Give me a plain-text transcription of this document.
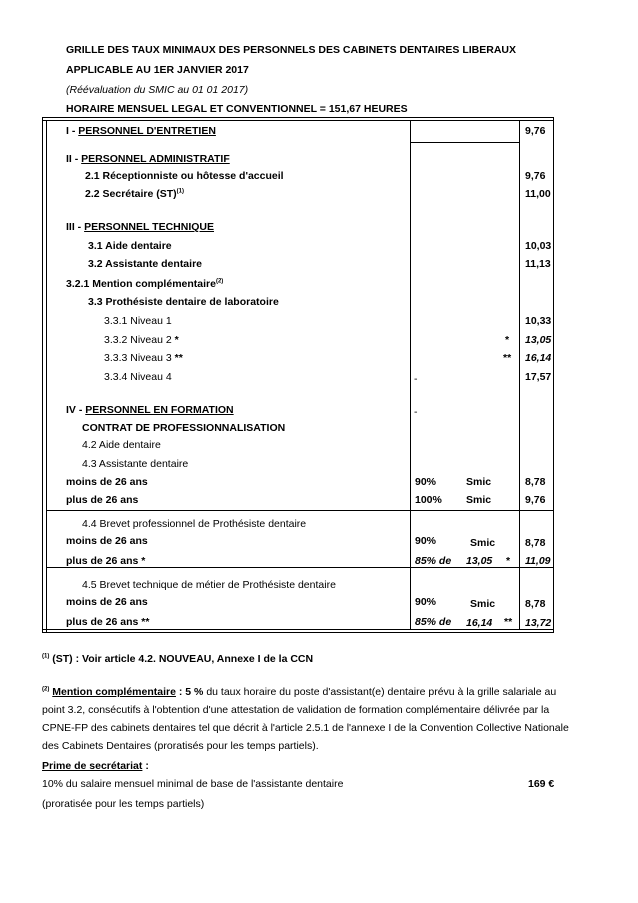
GRILLE DES TAUX MINIMAUX DES PERSONNELS DES CABINETS DENTAIRES LIBERAUX
APPLICABLE AU 1ER JANVIER 2017
(Réévaluation du SMIC au 01 01 2017)
HORAIRE MENSUEL LEGAL ET CONVENTIONNEL = 151,67 HEURES
I - PERSONNEL D'ENTRETIEN	9,76
II - PERSONNEL ADMINISTRATIF
2.1 Réceptionniste ou hôtesse d'accueil	9,76
2.2 Secrétaire (ST)$^{(1)}$	11,00
III - PERSONNEL TECHNIQUE
3.1 Aide dentaire	10,03
3.2 Assistante dentaire	11,13
3.2.1 Mention complémentaire$^{(2)}$
3.3 Prothésiste dentaire de laboratoire
3.3.1 Niveau 1	10,33
3.3.2 Niveau 2 *	* 13,05
3.3.3 Niveau 3 **	** 16,14
3.3.4 Niveau 4	-	17,57
IV - PERSONNEL EN FORMATION	-
CONTRAT DE PROFESSIONNALISATION
4.2 Aide dentaire
4.3 Assistante dentaire
moins de 26 ans	90%	Smic	8,78
plus de 26 ans	100% Smic	9,76
4.4 Brevet professionnel de Prothésiste dentaire
moins de 26 ans	90%	Smic	8,78
plus de 26 ans *	85% de 13,05 * 11,09
4.5 Brevet technique de métier de Prothésiste dentaire
moins de 26 ans	90%	Smic	8,78
plus de 26 ans **	85% de 16,14 ** 13,72
$^{(1)}$ (ST) : Voir article 4.2. NOUVEAU, Annexe I de la CCN
$^{(2)}$ Mention complémentaire : 5 % du taux horaire du poste d'assistant(e) dentaire prévu à la grille salariale au point 3.2, consécutifs à l'obtention d'une attestation de validation de formation complémentaire délivrée par la CPNE-FP des cabinets dentaires tel que décrit à l'article 2.5.1 de l'annexe I de la Convention Collective Nationale des Cabinets Dentaires (proratisés pour les temps partiels).
Prime de secrétariat :
10% du salaire mensuel minimal de base de l'assistante dentaire	169 €
(proratisée pour les temps partiels)
